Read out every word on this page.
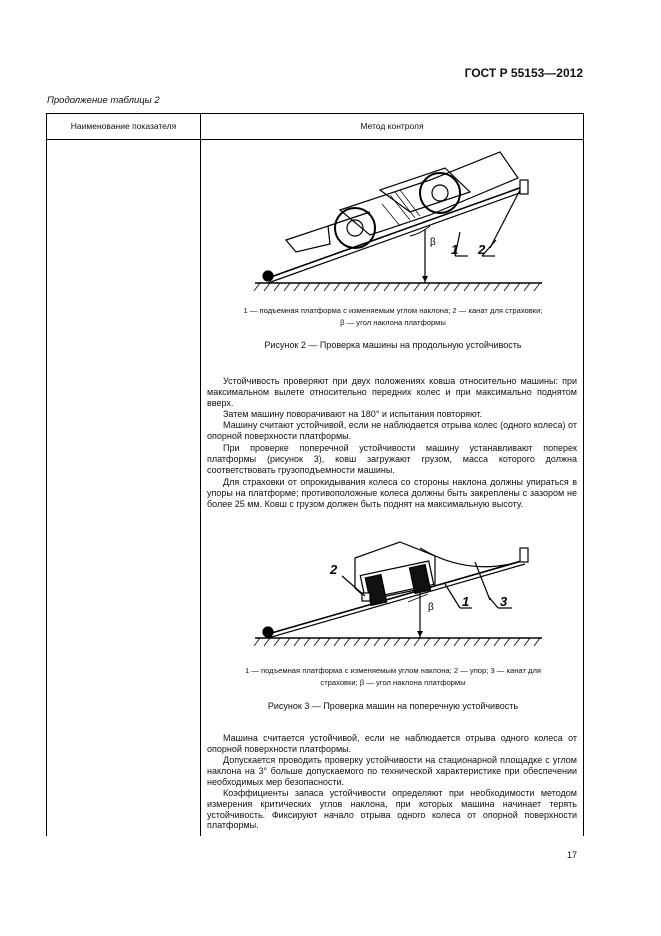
ГОСТ Р 55153—2012
Продолжение таблицы 2
Наименование показателя	Метод контроля
1 2
β
1 — подъемная платформа с изменяемым углом наклона; 2 — канат для страховки;
β — угол наклона платформы
Рисунок 2 — Проверка машины на продольную устойчивость

Устойчивость проверяют при двух положениях ковша относительно машины: при максимальном вылете относительно передних колес и при максимально поднятом вверх.

Затем машину поворачивают на 180° и испытания повторяют.

Машину считают устойчивой, если не наблюдается отрыва колес (одного колеса) от опорной поверхности платформы.

При проверке поперечной устойчивости машину устанавливают поперек платформы (рисунок 3), ковш загружают грузом, масса которого должна соответствовать грузоподъемности машины.

Для страховки от опрокидывания колеса со стороны наклона должны упираться в упоры на платформе; противоположные колеса должны быть закреплены с зазором не более 25 мм. Ковш с грузом должен быть поднят на максимальную высоту.

2
1 3
β
1 — подъемная платформа с изменяемым углом наклона; 2 — упор; 3 — канат для
страховки; β — угол наклона платформы
Рисунок 3 — Проверка машин на поперечную устойчивость

Машина считается устойчивой, если не наблюдается отрыва одного колеса от опорной поверхности платформы.

Допускается проводить проверку устойчивости на стационарной площадке с углом наклона на 3° больше допускаемого по технической характеристике при обеспечении необходимых мер безопасности.

Коэффициенты запаса устойчивости определяют при необходимости методом измерения критических углов наклона, при которых машина начинает терять устойчивость. Фиксируют начало отрыва одного колеса от опорной поверхности платформы.

17
